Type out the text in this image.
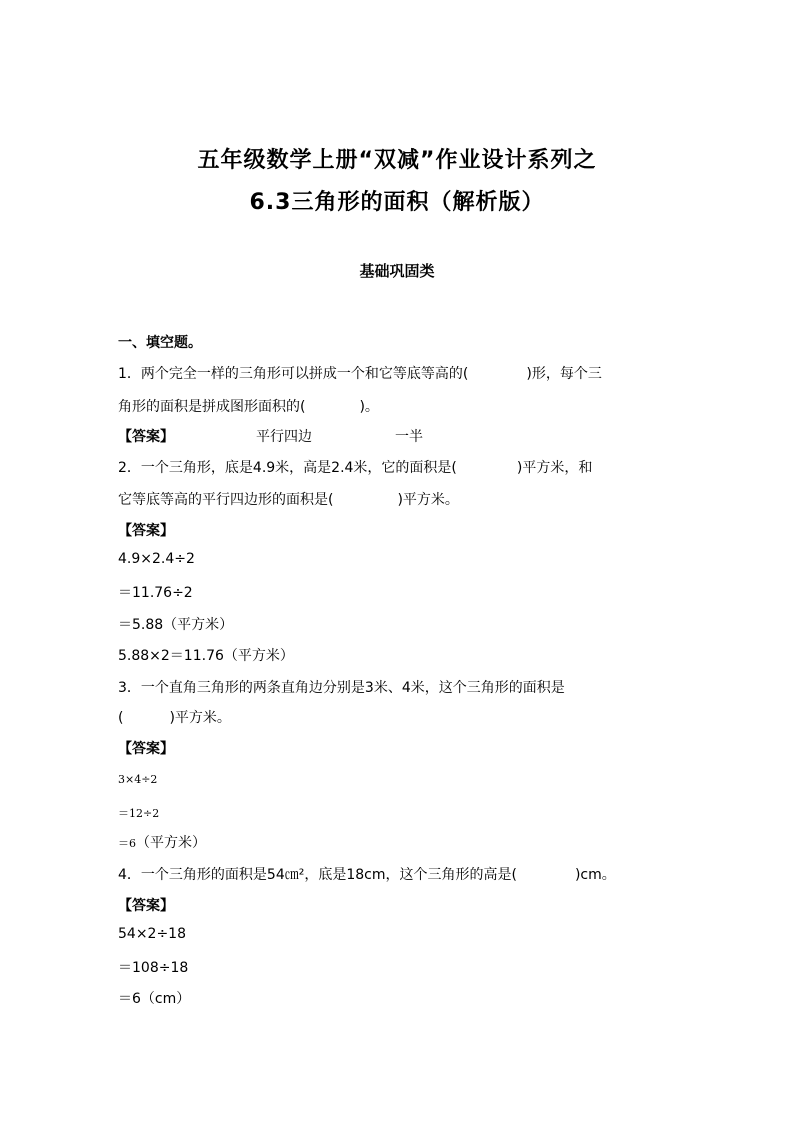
五年级数学上册“双减”作业设计系列之
6.3三角形的面积（解析版）
基础巩固类
一、填空题。
1．两个完全一样的三角形可以拼成一个和它等底等高的(	)形，每个三
角形的面积是拼成图形面积的(	)。
【答案】	平行四边	一半
2．一个三角形，底是4.9米，高是2.4米，它的面积是(	)平方米，和
它等底等高的平行四边形的面积是(	)平方米。
【答案】
4.9×2.4÷2
＝11.76÷2
＝5.88（平方米）
5.88×2＝11.76（平方米）
3．一个直角三角形的两条直角边分别是3米、4米，这个三角形的面积是
(	)平方米。
【答案】
3×4÷2
＝12÷2
＝6（平方米）
4．一个三角形的面积是54㎝²，底是18cm，这个三角形的高是(	)cm。
【答案】
54×2÷18
＝108÷18
＝6（cm）
